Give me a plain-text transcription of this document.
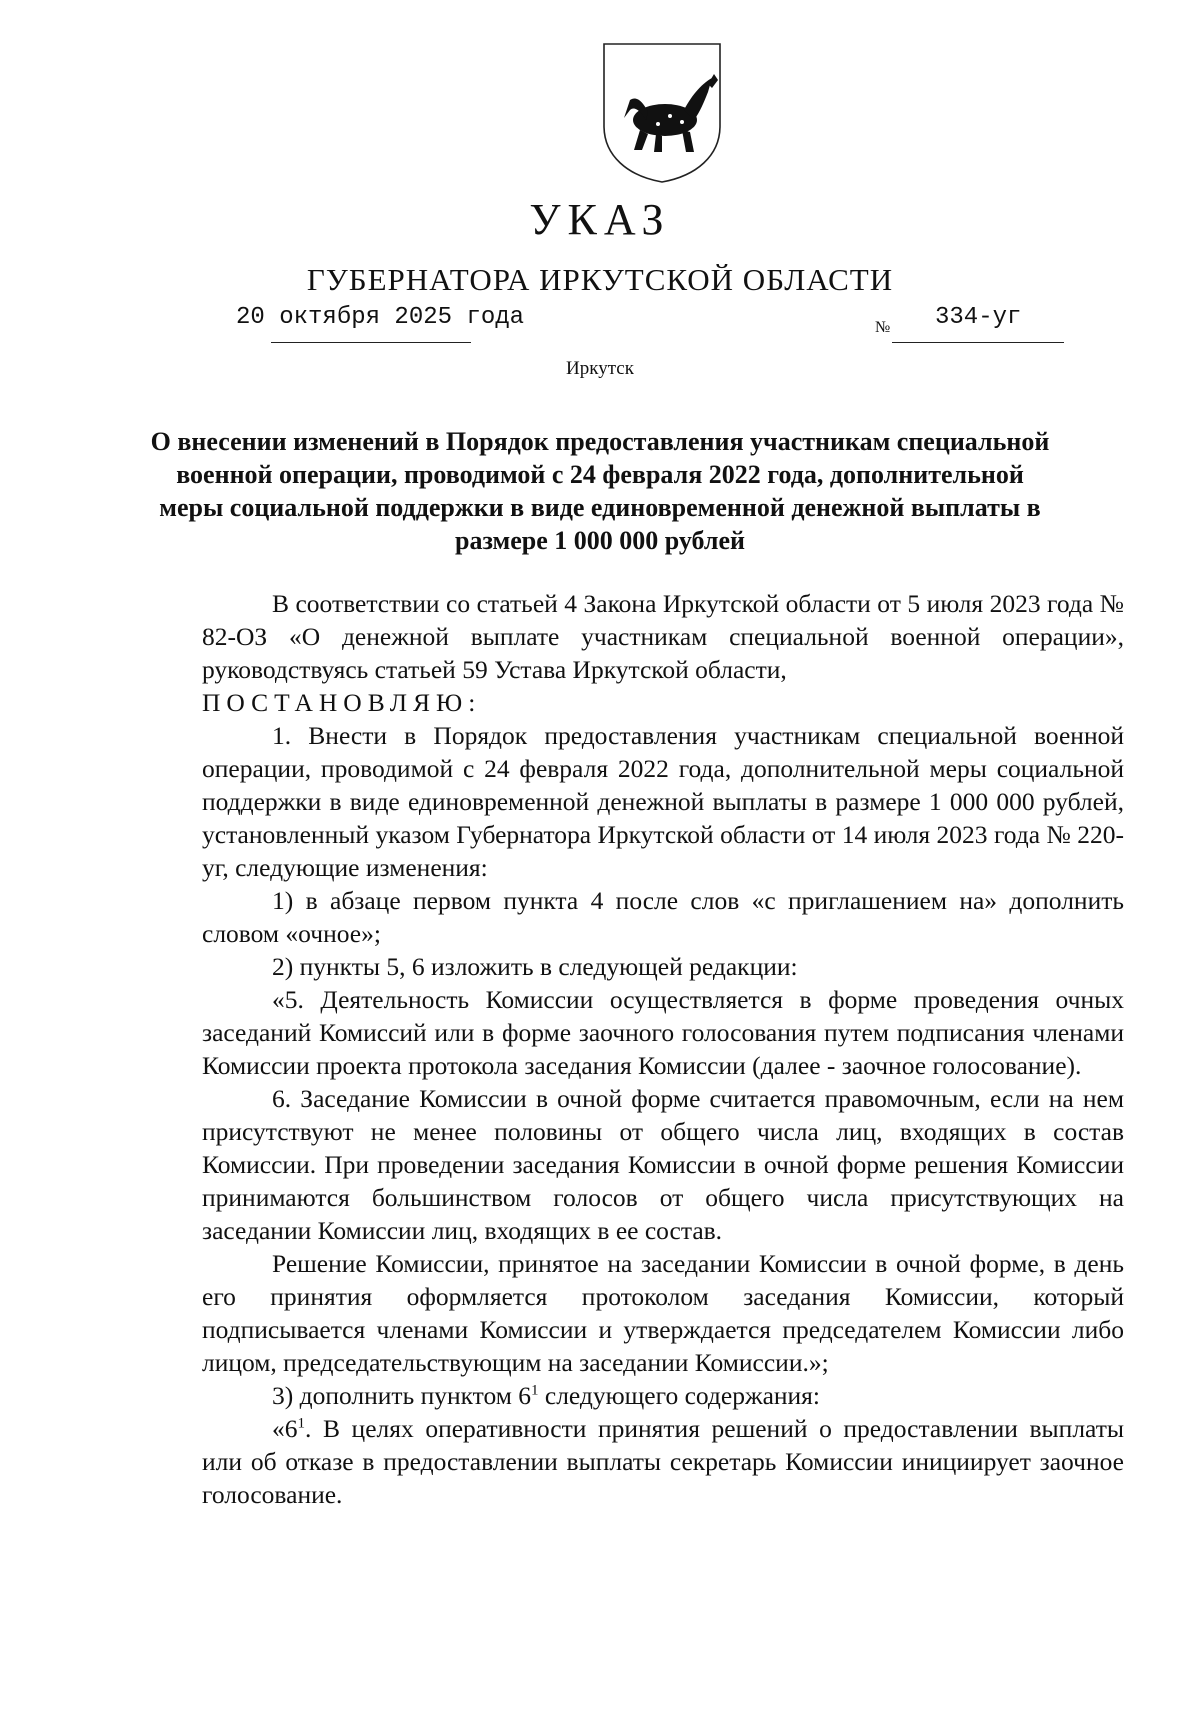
УКАЗ
ГУБЕРНАТОРА ИРКУТСКОЙ ОБЛАСТИ
20 октября 2025 года	№ 334-уг
Иркутск
О внесении изменений в Порядок предоставления участникам специальной военной операции, проводимой с 24 февраля 2022 года, дополнительной меры социальной поддержки в виде единовременной денежной выплаты в размере 1 000 000 рублей

В соответствии со статьей 4 Закона Иркутской области от 5 июля 2023 года № 82-ОЗ «О денежной выплате участникам специальной военной операции», руководствуясь статьей 59 Устава Иркутской области,

ПОСТАНОВЛЯЮ:

1. Внести в Порядок предоставления участникам специальной военной операции, проводимой с 24 февраля 2022 года, дополнительной меры социальной поддержки в виде единовременной денежной выплаты в размере 1 000 000 рублей, установленный указом Губернатора Иркутской области от 14 июля 2023 года № 220-уг, следующие изменения:

1) в абзаце первом пункта 4 после слов «с приглашением на» дополнить словом «очное»;

2) пункты 5, 6 изложить в следующей редакции:

«5. Деятельность Комиссии осуществляется в форме проведения очных заседаний Комиссий или в форме заочного голосования путем подписания членами Комиссии проекта протокола заседания Комиссии (далее - заочное голосование).

6. Заседание Комиссии в очной форме считается правомочным, если на нем присутствуют не менее половины от общего числа лиц, входящих в состав Комиссии. При проведении заседания Комиссии в очной форме решения Комиссии принимаются большинством голосов от общего числа присутствующих на заседании Комиссии лиц, входящих в ее состав.

Решение Комиссии, принятое на заседании Комиссии в очной форме, в день его принятия оформляется протоколом заседания Комиссии, который подписывается членами Комиссии и утверждается председателем Комиссии либо лицом, председательствующим на заседании Комиссии.»;

3) дополнить пунктом $6^1$ следующего содержания:

«$6^1$. В целях оперативности принятия решений о предоставлении выплаты или об отказе в предоставлении выплаты секретарь Комиссии инициирует заочное голосование.
